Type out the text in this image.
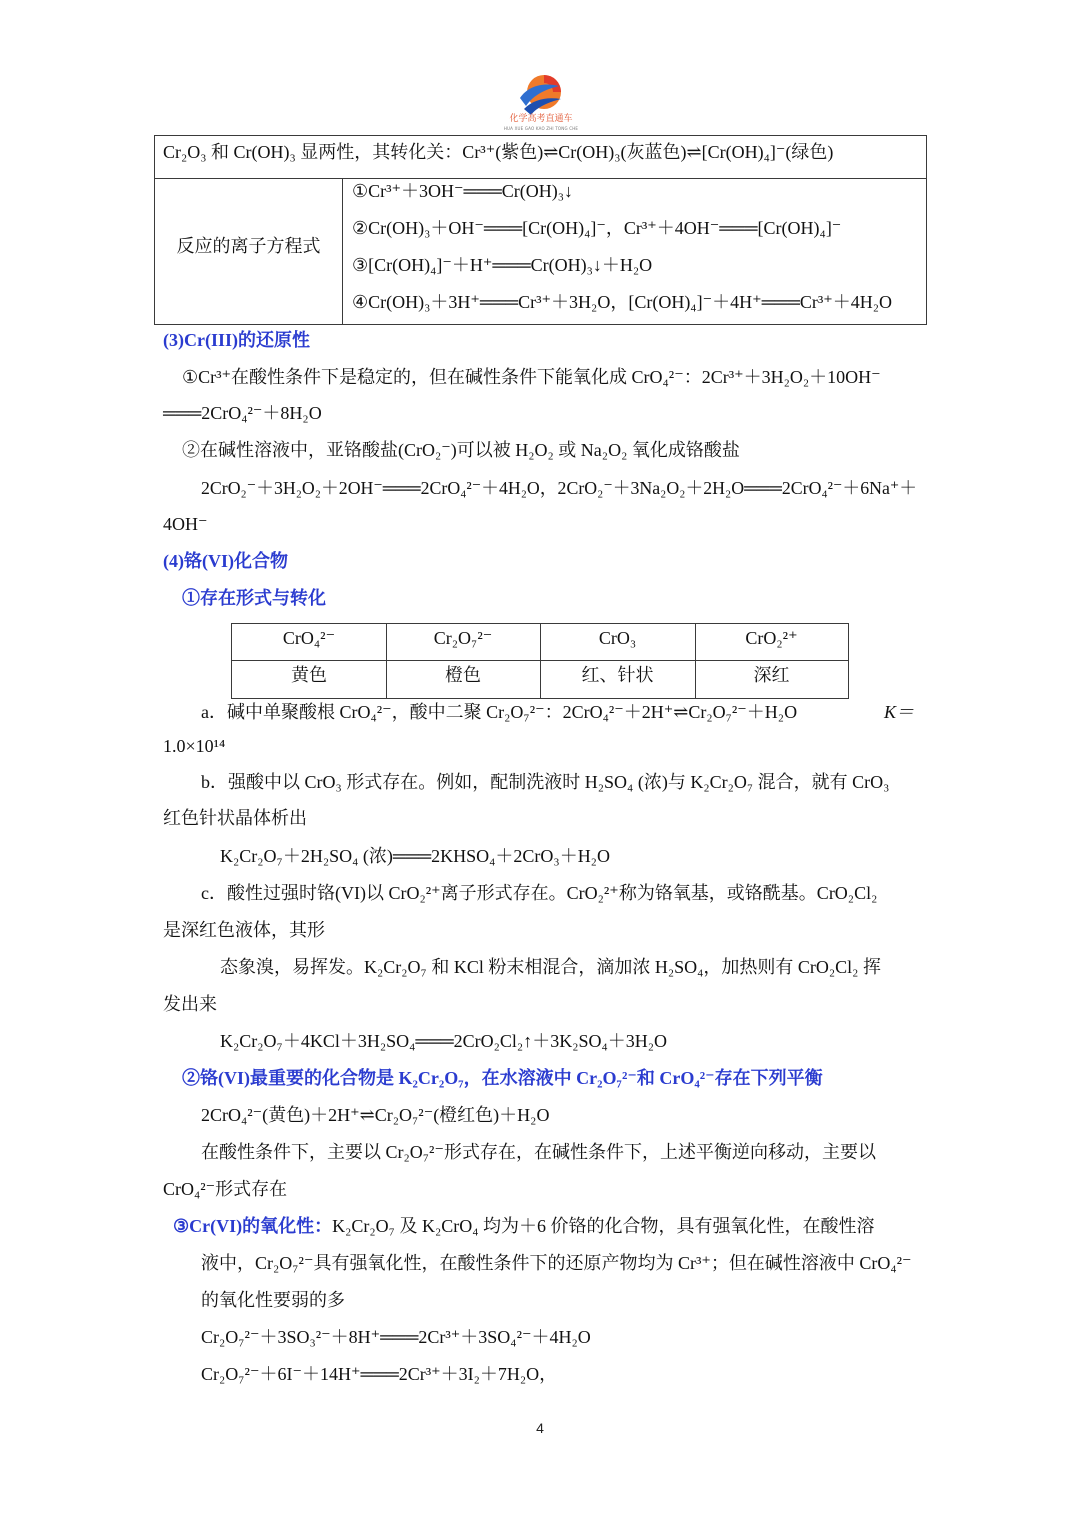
化学高考直通车
HUA XUE GAO KAO ZHI TONG CHE
Cr₂O₃ 和 Cr(OH)₃ 显两性，其转化关：Cr³⁺(紫色)⇌Cr(OH)₃(灰蓝色)⇌[Cr(OH)₄]⁻(绿色)
反应的离子方程式
①Cr³⁺＋3OH⁻═══Cr(OH)₃↓
②Cr(OH)₃＋OH⁻═══[Cr(OH)₄]⁻，Cr³⁺＋4OH⁻═══[Cr(OH)₄]⁻
③[Cr(OH)₄]⁻＋H⁺═══Cr(OH)₃↓＋H₂O
④Cr(OH)₃＋3H⁺═══Cr³⁺＋3H₂O，[Cr(OH)₄]⁻＋4H⁺═══Cr³⁺＋4H₂O
(3)Cr(III)的还原性
①Cr³⁺在酸性条件下是稳定的，但在碱性条件下能氧化成 CrO₄²⁻：2Cr³⁺＋3H₂O₂＋10OH⁻
═══2CrO₄²⁻＋8H₂O
②在碱性溶液中，亚铬酸盐(CrO₂⁻)可以被 H₂O₂ 或 Na₂O₂ 氧化成铬酸盐
2CrO₂⁻＋3H₂O₂＋2OH⁻═══2CrO₄²⁻＋4H₂O，2CrO₂⁻＋3Na₂O₂＋2H₂O═══2CrO₄²⁻＋6Na⁺＋
4OH⁻
(4)铬(VI)化合物
①存在形式与转化
CrO₄²⁻	Cr₂O₇²⁻	CrO₃	CrO₂²⁺
黄色	橙色	红、针状	深红
a．碱中单聚酸根 CrO₄²⁻，酸中二聚 Cr₂O₇²⁻：2CrO₄²⁻＋2H⁺⇌Cr₂O₇²⁻＋H₂O	K＝
1.0×10¹⁴
b．强酸中以 CrO₃ 形式存在。例如，配制洗液时 H₂SO₄ (浓)与 K₂Cr₂O₇ 混合，就有 CrO₃
红色针状晶体析出
K₂Cr₂O₇＋2H₂SO₄ (浓)═══2KHSO₄＋2CrO₃＋H₂O
c．酸性过强时铬(VI)以 CrO₂²⁺离子形式存在。CrO₂²⁺称为铬氧基，或铬酰基。CrO₂Cl₂
是深红色液体，其形
态象溴，易挥发。K₂Cr₂O₇ 和 KCl 粉末相混合，滴加浓 H₂SO₄，加热则有 CrO₂Cl₂ 挥
发出来
K₂Cr₂O₇＋4KCl＋3H₂SO₄═══2CrO₂Cl₂↑＋3K₂SO₄＋3H₂O
②铬(VI)最重要的化合物是 K₂Cr₂O₇，在水溶液中 Cr₂O₇²⁻和 CrO₄²⁻存在下列平衡
2CrO₄²⁻(黄色)＋2H⁺⇌Cr₂O₇²⁻(橙红色)＋H₂O
在酸性条件下，主要以 Cr₂O₇²⁻形式存在，在碱性条件下，上述平衡逆向移动，主要以
CrO₄²⁻形式存在
③Cr(VI)的氧化性：K₂Cr₂O₇ 及 K₂CrO₄ 均为＋6 价铬的化合物，具有强氧化性，在酸性溶
液中，Cr₂O₇²⁻具有强氧化性，在酸性条件下的还原产物均为 Cr³⁺；但在碱性溶液中 CrO₄²⁻
的氧化性要弱的多
Cr₂O₇²⁻＋3SO₃²⁻＋8H⁺═══2Cr³⁺＋3SO₄²⁻＋4H₂O
Cr₂O₇²⁻＋6I⁻＋14H⁺═══2Cr³⁺＋3I₂＋7H₂O，
4
